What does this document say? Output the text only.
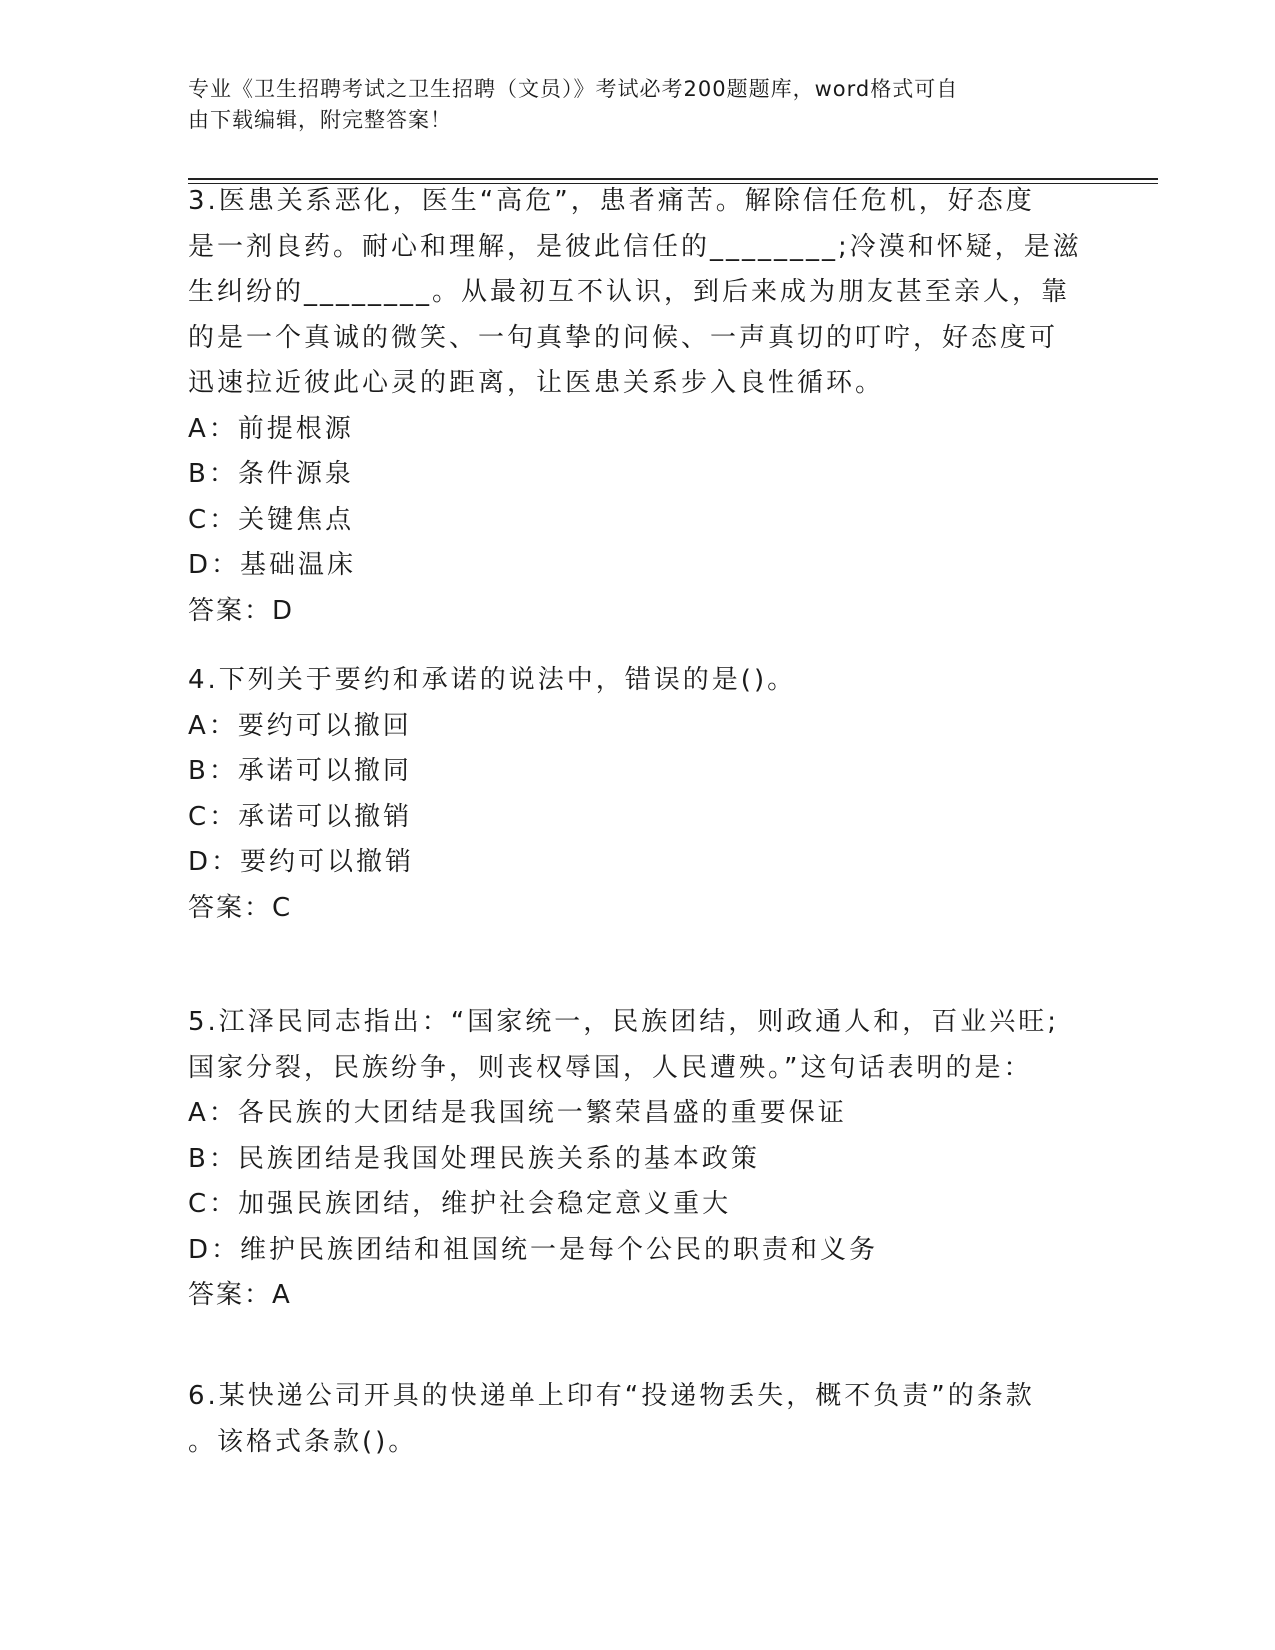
专业《卫生招聘考试之卫生招聘（文员）》考试必考200题题库，word格式可自
由下载编辑，附完整答案！

3.医患关系恶化，医生“高危”，患者痛苦。解除信任危机，好态度

是一剂良药。耐心和理解，是彼此信任的________;冷漠和怀疑，是滋

生纠纷的________。从最初互不认识，到后来成为朋友甚至亲人，靠

的是一个真诚的微笑、一句真挚的问候、一声真切的叮咛，好态度可

迅速拉近彼此心灵的距离，让医患关系步入良性循环。

A：前提根源

B：条件源泉

C：关键焦点

D：基础温床

答案：D

4.下列关于要约和承诺的说法中，错误的是()。

A：要约可以撤回

B：承诺可以撤同

C：承诺可以撤销

D：要约可以撤销

答案：C

5.江泽民同志指出：“国家统一，民族团结，则政通人和，百业兴旺;

国家分裂，民族纷争，则丧权辱国，人民遭殃。”这句话表明的是：

A：各民族的大团结是我国统一繁荣昌盛的重要保证

B：民族团结是我国处理民族关系的基本政策

C：加强民族团结，维护社会稳定意义重大

D：维护民族团结和祖国统一是每个公民的职责和义务

答案：A

6.某快递公司开具的快递单上印有“投递物丢失，概不负责”的条款

。该格式条款()。
